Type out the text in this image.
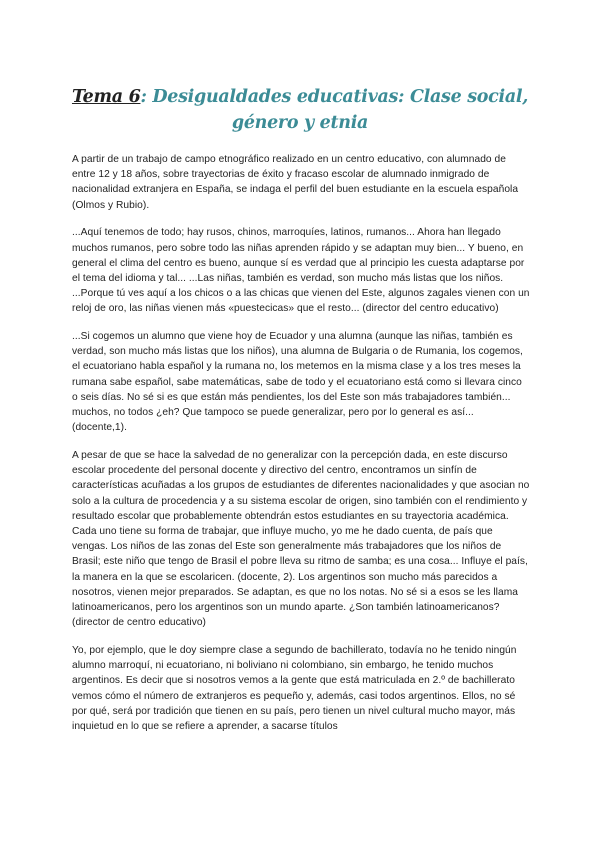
Tema 6: Desigualdades educativas: Clase social, género y etnia

A partir de un trabajo de campo etnográfico realizado en un centro educativo, con alumnado de entre 12 y 18 años, sobre trayectorias de éxito y fracaso escolar de alumnado inmigrado de nacionalidad extranjera en España, se indaga el perfil del buen estudiante en la escuela española (Olmos y Rubio).

...Aquí tenemos de todo; hay rusos, chinos, marroquíes, latinos, rumanos... Ahora han llegado muchos rumanos, pero sobre todo las niñas aprenden rápido y se adaptan muy bien... Y bueno, en general el clima del centro es bueno, aunque sí es verdad que al principio les cuesta adaptarse por el tema del idioma y tal... ...Las niñas, también es verdad, son mucho más listas que los niños. ...Porque tú ves aquí a los chicos o a las chicas que vienen del Este, algunos zagales vienen con un reloj de oro, las niñas vienen más «puestecicas» que el resto... (director del centro educativo)

...Si cogemos un alumno que viene hoy de Ecuador y una alumna (aunque las niñas, también es verdad, son mucho más listas que los niños), una alumna de Bulgaria o de Rumania, los cogemos, el ecuatoriano habla español y la rumana no, los metemos en la misma clase y a los tres meses la rumana sabe español, sabe matemáticas, sabe de todo y el ecuatoriano está como si llevara cinco o seis días. No sé si es que están más pendientes, los del Este son más trabajadores también... muchos, no todos ¿eh? Que tampoco se puede generalizar, pero por lo general es así... (docente,1).

A pesar de que se hace la salvedad de no generalizar con la percepción dada, en este discurso escolar procedente del personal docente y directivo del centro, encontramos un sinfín de características acuñadas a los grupos de estudiantes de diferentes nacionalidades y que asocian no solo a la cultura de procedencia y a su sistema escolar de origen, sino también con el rendimiento y resultado escolar que probablemente obtendrán estos estudiantes en su trayectoria académica.

Cada uno tiene su forma de trabajar, que influye mucho, yo me he dado cuenta, de país que vengas. Los niños de las zonas del Este son generalmente más trabajadores que los niños de Brasil; este niño que tengo de Brasil el pobre lleva su ritmo de samba; es una cosa... Influye el país, la manera en la que se escolaricen. (docente, 2). Los argentinos son mucho más parecidos a nosotros, vienen mejor preparados. Se adaptan, es que no los notas. No sé si a esos se les llama latinoamericanos, pero los argentinos son un mundo aparte. ¿Son también latinoamericanos? (director de centro educativo)

Yo, por ejemplo, que le doy siempre clase a segundo de bachillerato, todavía no he tenido ningún alumno marroquí, ni ecuatoriano, ni boliviano ni colombiano, sin embargo, he tenido muchos argentinos. Es decir que si nosotros vemos a la gente que está matriculada en 2.º de bachillerato vemos cómo el número de extranjeros es pequeño y, además, casi todos argentinos. Ellos, no sé por qué, será por tradición que tienen en su país, pero tienen un nivel cultural mucho mayor, más inquietud en lo que se refiere a aprender, a sacarse títulos
